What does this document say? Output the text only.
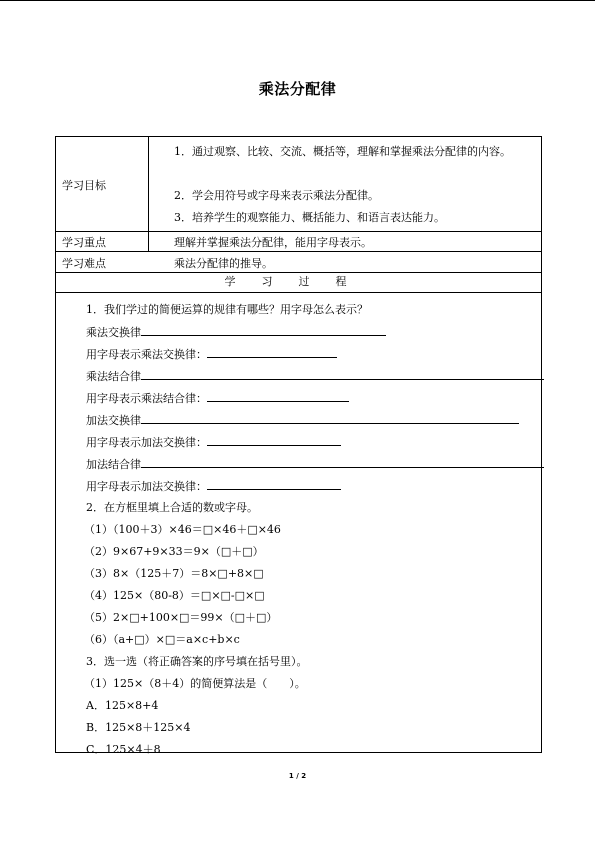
乘法分配律
学习目标
1．通过观察、比较、交流、概括等，理解和掌握乘法分配律的内容。
2．学会用符号或字母来表示乘法分配律。
3．培养学生的观察能力、概括能力、和语言表达能力。
学习重点	理解并掌握乘法分配律，能用字母表示。
学习难点	乘法分配律的推导。
学习过程
1．我们学过的简便运算的规律有哪些？用字母怎么表示？
乘法交换律
用字母表示乘法交换律：
乘法结合律
用字母表示乘法结合律：
加法交换律
用字母表示加法交换律：
加法结合律
用字母表示加法交换律：
2．在方框里填上合适的数或字母。
（1）（100＋3）×46＝□×46＋□×46
（2）9×67+9×33＝9×（□＋□）
（3）8×（125＋7）＝8×□+8×□
（4）125×（80-8）＝□×□-□×□
（5）2×□+100×□＝99×（□＋□）
（6）（a+□）×□＝a×c+b×c
3．选一选（将正确答案的序号填在括号里）。
（1）125×（8＋4）的简便算法是（　　）。
A．125×8+4
B．125×8＋125×4
C．125×4＋8
1 / 2
